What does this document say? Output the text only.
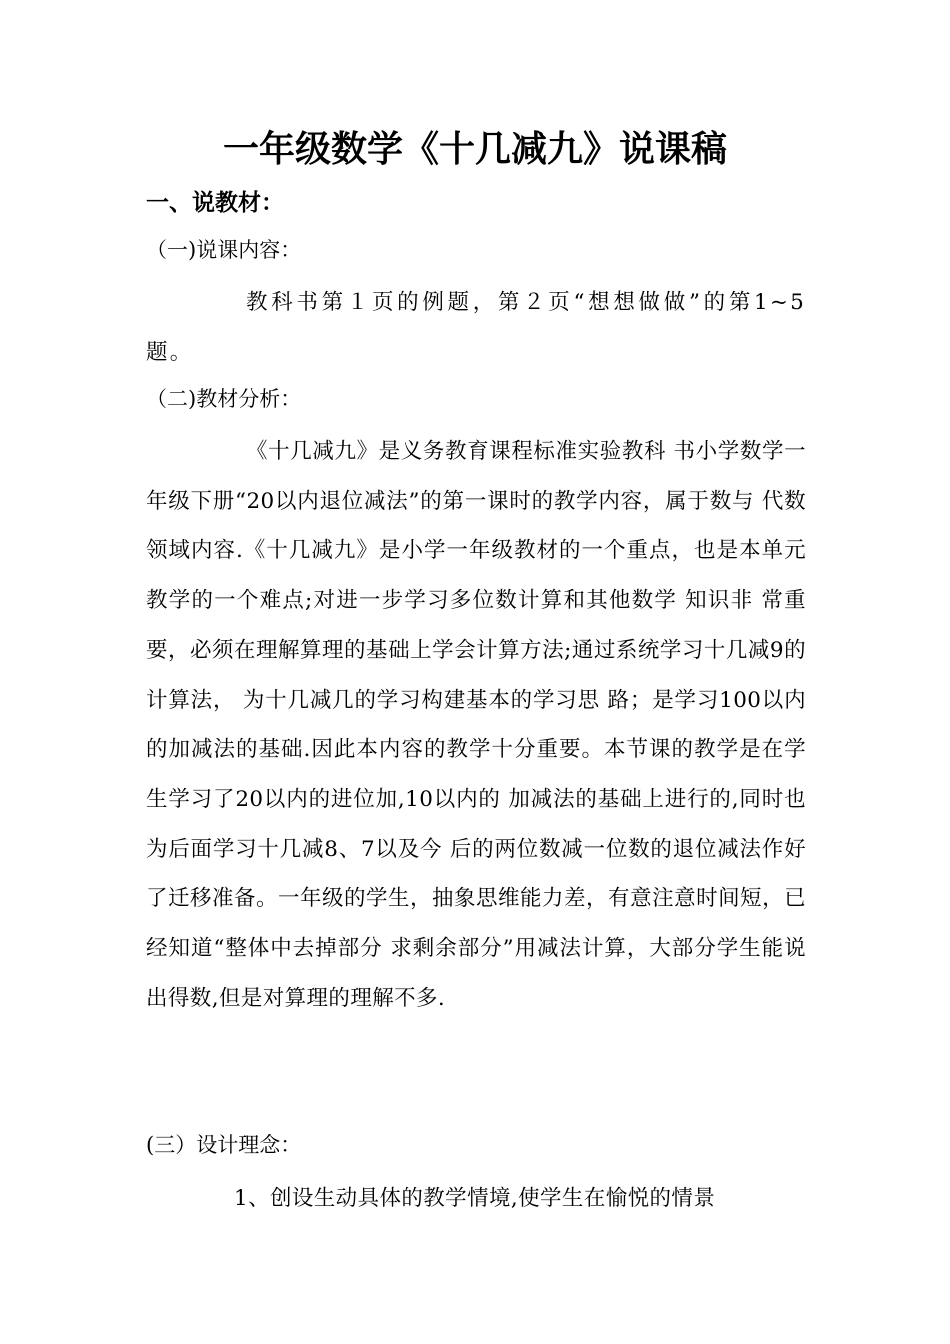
一年级数学《十几减九》说课稿
一、说教材：
（一)说课内容：
教科书第１页的例题，第２页“想想做做”的第1~5题。
（二)教材分析：
《十几减九》是义务教育课程标准实验教科 书小学数学一年级下册“20以内退位减法”的第一课时的教学内容，属于数与 代数领域内容.《十几减九》是小学一年级教材的一个重点，也是本单元教学的一个难点;对进一步学习多位数计算和其他数学 知识非 常重要，必须在理解算理的基础上学会计算方法;通过系统学习十几减9的计算法， 为十几减几的学习构建基本的学习思 路；是学习100以内的加减法的基础.因此本内容的教学十分重要。本节课的教学是在学生学习了20以内的进位加,10以内的 加减法的基础上进行的,同时也为后面学习十几减8、7以及今 后的两位数减一位数的退位减法作好了迁移准备。一年级的学生，抽象思维能力差，有意注意时间短，已经知道“整体中去掉部分 求剩余部分”用减法计算，大部分学生能说出得数,但是对算理的理解不多.
(三）设计理念：
1、创设生动具体的教学情境,使学生在愉悦的情景
